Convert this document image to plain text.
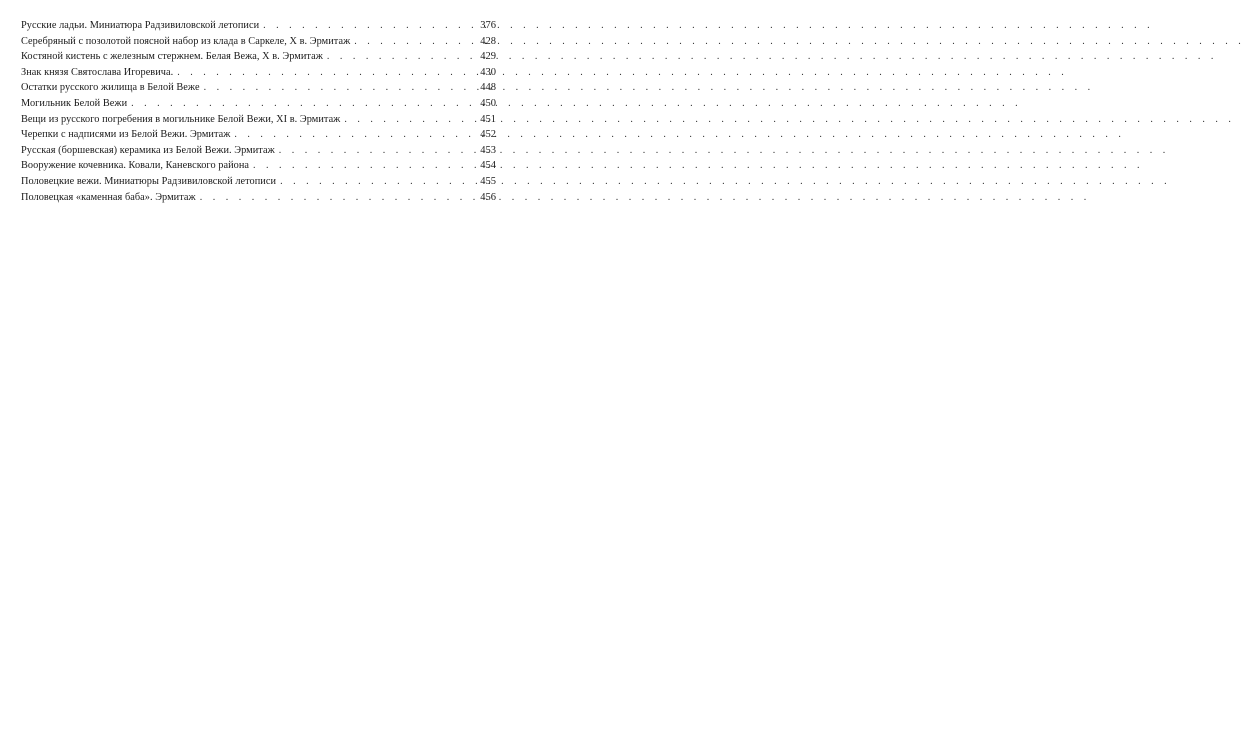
Русские ладьи. Миниатюра Радзивиловской летописи . . .	376
Серебряный с позолотой поясной набор из клада в Саркеле, X в. Эрмитаж . . .	428
Костяной кистень с железным стержнем. Белая Вежа, X в. Эрмитаж . . .	429
Знак князя Святослава Игоревича. . . .	430
Остатки русского жилища в Белой Веже . . .	448
Могильник Белой Вежи . . .	450
Вещи из русского погребения в могильнике Белой Вежи, XI в. Эрмитаж . . .	451
Черепки с надписями из Белой Вежи. Эрмитаж . . .	452
Русская (боршевская) керамика из Белой Вежи. Эрмитаж . . .	453
Вооружение кочевника. Ковали, Каневского района . . .	454
Половецкие вежи. Миниатюры Радзивиловской летописи . . .	455
Половецкая «каменная баба». Эрмитаж . . .	456
